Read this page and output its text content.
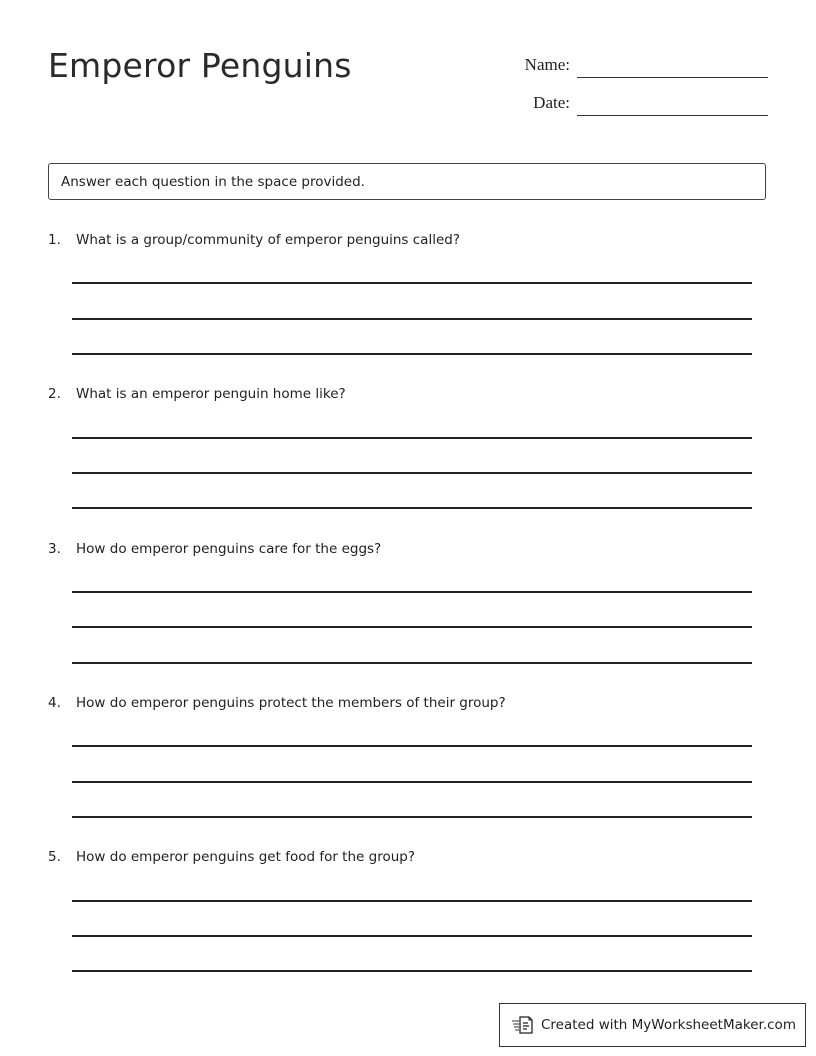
Emperor Penguins	Name:
Date:
Answer each question in the space provided.
1. What is a group/community of emperor penguins called?
2. What is an emperor penguin home like?
3. How do emperor penguins care for the eggs?
4. How do emperor penguins protect the members of their group?
5. How do emperor penguins get food for the group?
Created with MyWorksheetMaker.com
